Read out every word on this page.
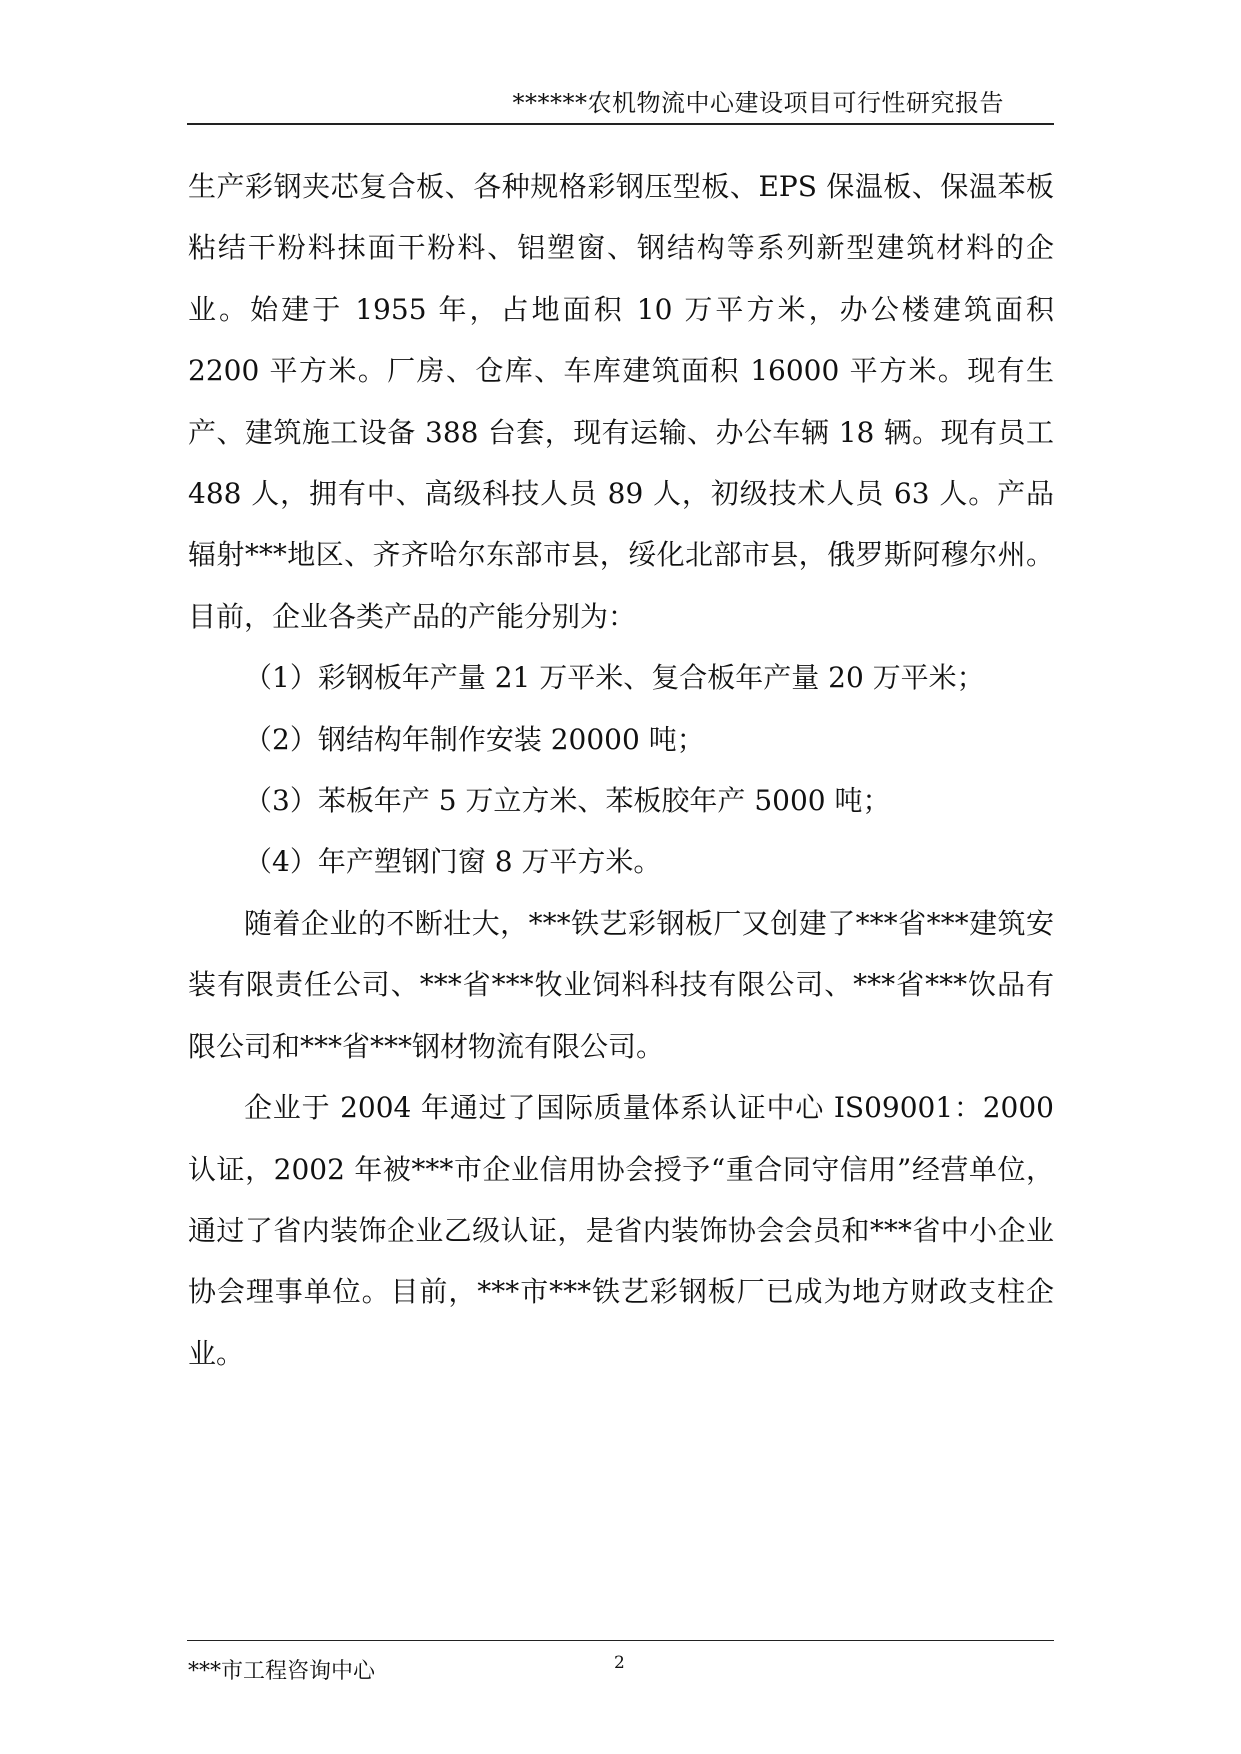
******农机物流中心建设项目可行性研究报告

生产彩钢夹芯复合板、各种规格彩钢压型板、EPS 保温板、保温苯板粘结干粉料抹面干粉料、铝塑窗、钢结构等系列新型建筑材料的企业。始建于 1955 年，占地面积 10 万平方米，办公楼建筑面积 2200 平方米。厂房、仓库、车库建筑面积 16000 平方米。现有生产、建筑施工设备 388 台套，现有运输、办公车辆 18 辆。现有员工 488 人，拥有中、高级科技人员 89 人，初级技术人员 63 人。产品辐射***地区、齐齐哈尔东部市县，绥化北部市县，俄罗斯阿穆尔州。目前，企业各类产品的产能分别为：

（1）彩钢板年产量 21 万平米、复合板年产量 20 万平米；

（2）钢结构年制作安装 20000 吨；

（3）苯板年产 5 万立方米、苯板胶年产 5000 吨；

（4）年产塑钢门窗 8 万平方米。

随着企业的不断壮大，***铁艺彩钢板厂又创建了***省***建筑安装有限责任公司、***省***牧业饲料科技有限公司、***省***饮品有限公司和***省***钢材物流有限公司。

企业于 2004 年通过了国际质量体系认证中心 IS09001：2000 认证，2002 年被***市企业信用协会授予“重合同守信用”经营单位，通过了省内装饰企业乙级认证，是省内装饰协会会员和***省中小企业协会理事单位。目前，***市***铁艺彩钢板厂已成为地方财政支柱企业。

***市工程咨询中心	2
